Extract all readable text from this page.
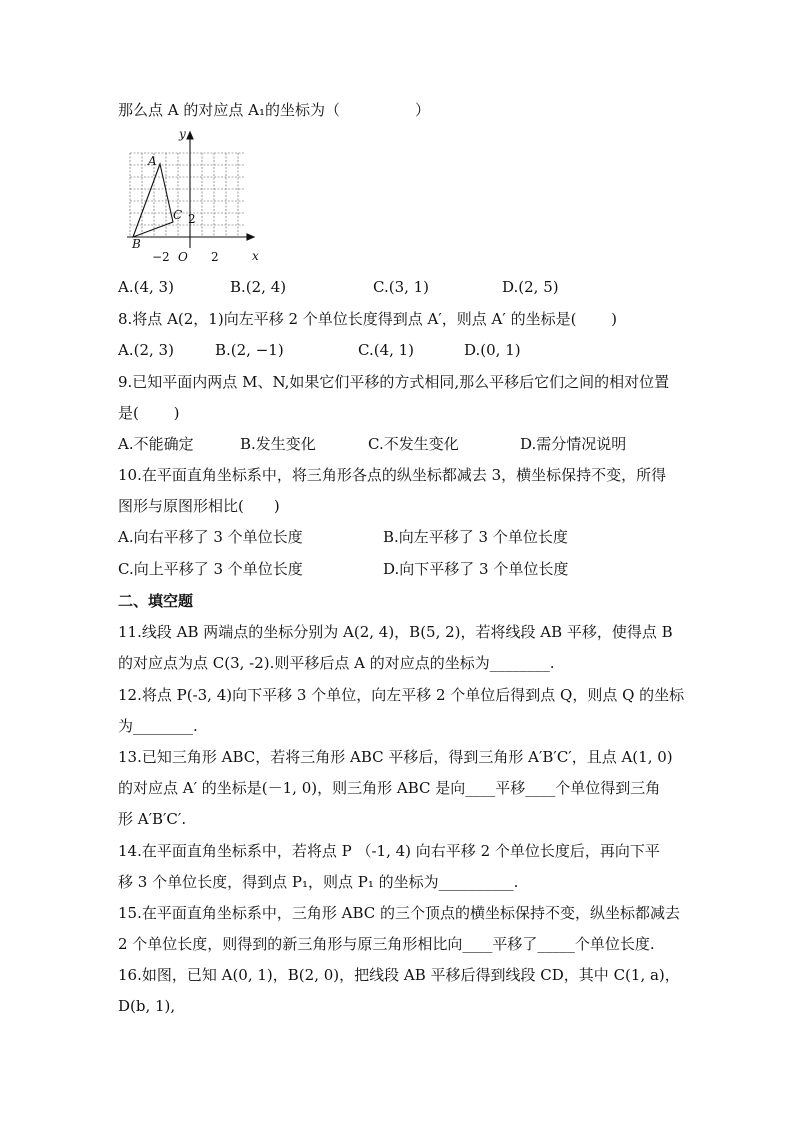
那么点 A 的对应点 A₁的坐标为（　　　　　）
y
x
O
−2	2
2
A
B
C
A.(4, 3)	B.(2, 4)	C.(3, 1)	D.(2, 5)
8.将点 A(2，1)向左平移 2 个单位长度得到点 A′，则点 A′ 的坐标是(　　 )
A.(2, 3)	B.(2, −1)	C.(4, 1)	D.(0, 1)
9.已知平面内两点 M、N,如果它们平移的方式相同,那么平移后它们之间的相对位置
是(　　 )
A.不能确定	B.发生变化	C.不发生变化	D.需分情况说明
10.在平面直角坐标系中，将三角形各点的纵坐标都减去 3，横坐标保持不变，所得
图形与原图形相比(　　)
A.向右平移了 3 个单位长度	B.向左平移了 3 个单位长度
C.向上平移了 3 个单位长度	D.向下平移了 3 个单位长度
二、填空题
11.线段 AB 两端点的坐标分别为 A(2, 4)，B(5, 2)，若将线段 AB 平移，使得点 B
的对应点为点 C(3, -2).则平移后点 A 的对应点的坐标为________.
12.将点 P(-3, 4)向下平移 3 个单位，向左平移 2 个单位后得到点 Q，则点 Q 的坐标
为________.
13.已知三角形 ABC，若将三角形 ABC 平移后，得到三角形 A′B′C′，且点 A(1, 0)
的对应点 A′ 的坐标是(－1, 0)，则三角形 ABC 是向____平移____个单位得到三角
形 A′B′C′.
14.在平面直角坐标系中，若将点 P （-1, 4) 向右平移 2 个单位长度后，再向下平
移 3 个单位长度，得到点 P₁，则点 P₁ 的坐标为__________.
15.在平面直角坐标系中，三角形 ABC 的三个顶点的横坐标保持不变，纵坐标都减去
2 个单位长度，则得到的新三角形与原三角形相比向____平移了_____个单位长度.
16.如图，已知 A(0, 1)，B(2, 0)，把线段 AB 平移后得到线段 CD，其中 C(1, a)，
D(b, 1),
